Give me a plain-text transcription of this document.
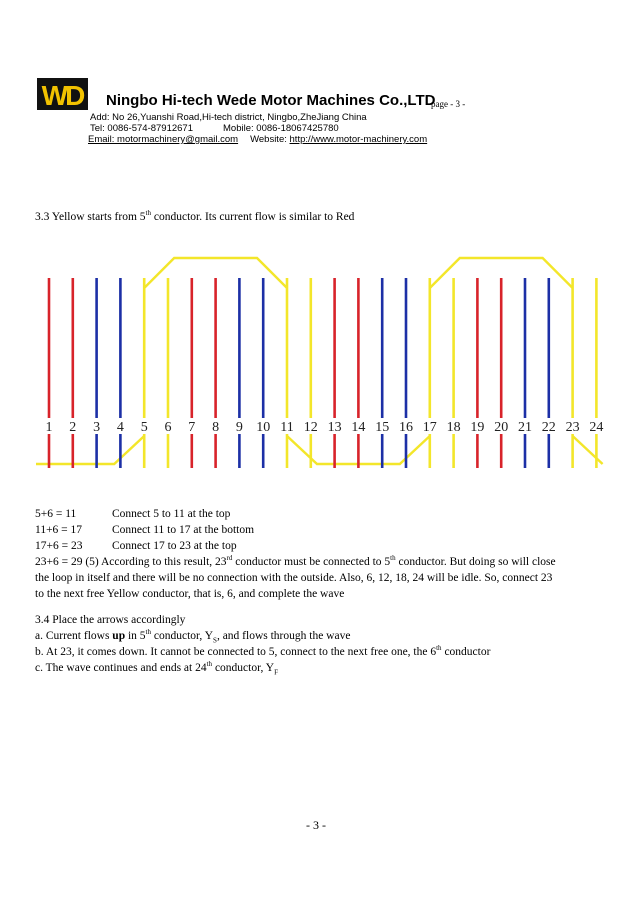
WD Ningbo Hi-tech Wede Motor Machines Co.,LTD
page - 3 -
Add: No 26,Yuanshi Road,Hi-tech district, Ningbo,ZheJiang China
Tel: 0086-574-87912671	Mobile: 0086-18067425780
Email: motormachinery@gmail.com Website: http://www.motor-machinery.com
3.3 Yellow starts from 5th conductor. Its current flow is similar to Red
1 2 3 4 5 6 7 8 9 10 11 12 13 14 15 16 17 18 19 20 21 22 23 24
5+6 = 11	Connect 5 to 11 at the top
11+6 = 17	Connect 11 to 17 at the bottom
17+6 = 23	Connect 17 to 23 at the top
23+6 = 29 (5) According to this result, 23rd conductor must be connected to 5th conductor. But doing so will close
the loop in itself and there will be no connection with the outside. Also, 6, 12, 18, 24 will be idle. So, connect 23
to the next free Yellow conductor, that is, 6, and complete the wave
3.4 Place the arrows accordingly
a. Current flows up in 5th conductor, $Y_S$, and flows through the wave
b. At 23, it comes down. It cannot be connected to 5, connect to the next free one, the 6th conductor
c. The wave continues and ends at 24th conductor, $Y_F$
- 3 -
